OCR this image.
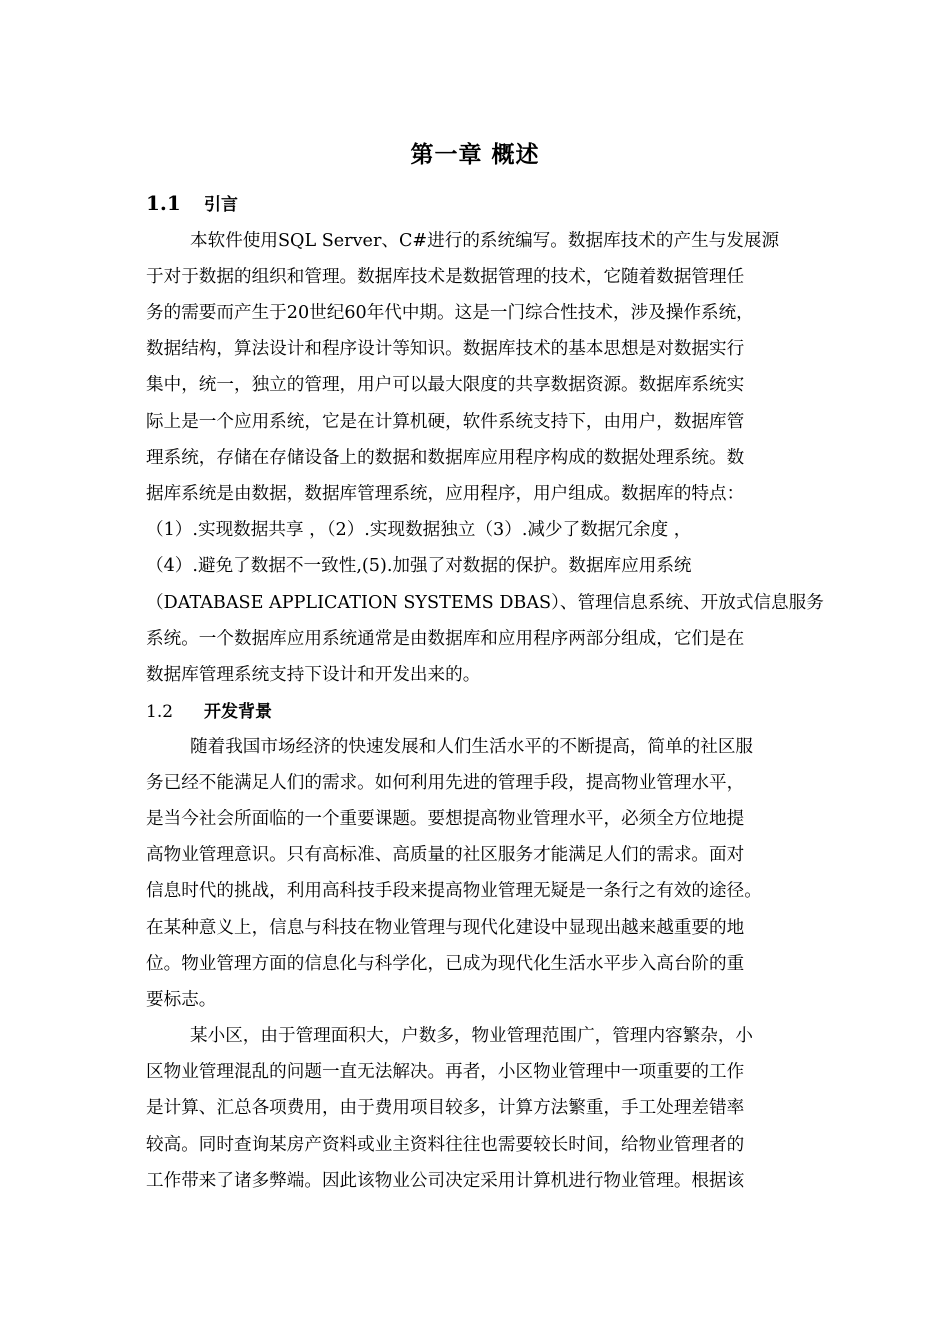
第一章 概述
1.1 引言
本软件使用SQL Server、C#进行的系统编写。数据库技术的产生与发展源
于对于数据的组织和管理。数据库技术是数据管理的技术，它随着数据管理任
务的需要而产生于20世纪60年代中期。这是一门综合性技术，涉及操作系统，
数据结构，算法设计和程序设计等知识。数据库技术的基本思想是对数据实行
集中，统一，独立的管理，用户可以最大限度的共享数据资源。数据库系统实
际上是一个应用系统，它是在计算机硬，软件系统支持下，由用户，数据库管
理系统，存储在存储设备上的数据和数据库应用程序构成的数据处理系统。数
据库系统是由数据，数据库管理系统，应用程序，用户组成。数据库的特点：
（1）.实现数据共享 ，（2）.实现数据独立（3）.减少了数据冗余度 ，
（4）.避免了数据不一致性,(5).加强了对数据的保护。数据库应用系统
（DATABASE APPLICATION SYSTEMS DBAS）、管理信息系统、开放式信息服务
系统。一个数据库应用系统通常是由数据库和应用程序两部分组成，它们是在
数据库管理系统支持下设计和开发出来的。
1.2 开发背景
随着我国市场经济的快速发展和人们生活水平的不断提高，简单的社区服
务已经不能满足人们的需求。如何利用先进的管理手段，提高物业管理水平，
是当今社会所面临的一个重要课题。要想提高物业管理水平，必须全方位地提
高物业管理意识。只有高标准、高质量的社区服务才能满足人们的需求。面对
信息时代的挑战，利用高科技手段来提高物业管理无疑是一条行之有效的途径。
在某种意义上，信息与科技在物业管理与现代化建设中显现出越来越重要的地
位。物业管理方面的信息化与科学化，已成为现代化生活水平步入高台阶的重
要标志。
某小区，由于管理面积大，户数多，物业管理范围广，管理内容繁杂，小
区物业管理混乱的问题一直无法解决。再者，小区物业管理中一项重要的工作
是计算、汇总各项费用，由于费用项目较多，计算方法繁重，手工处理差错率
较高。同时查询某房产资料或业主资料往往也需要较长时间，给物业管理者的
工作带来了诸多弊端。因此该物业公司决定采用计算机进行物业管理。根据该
